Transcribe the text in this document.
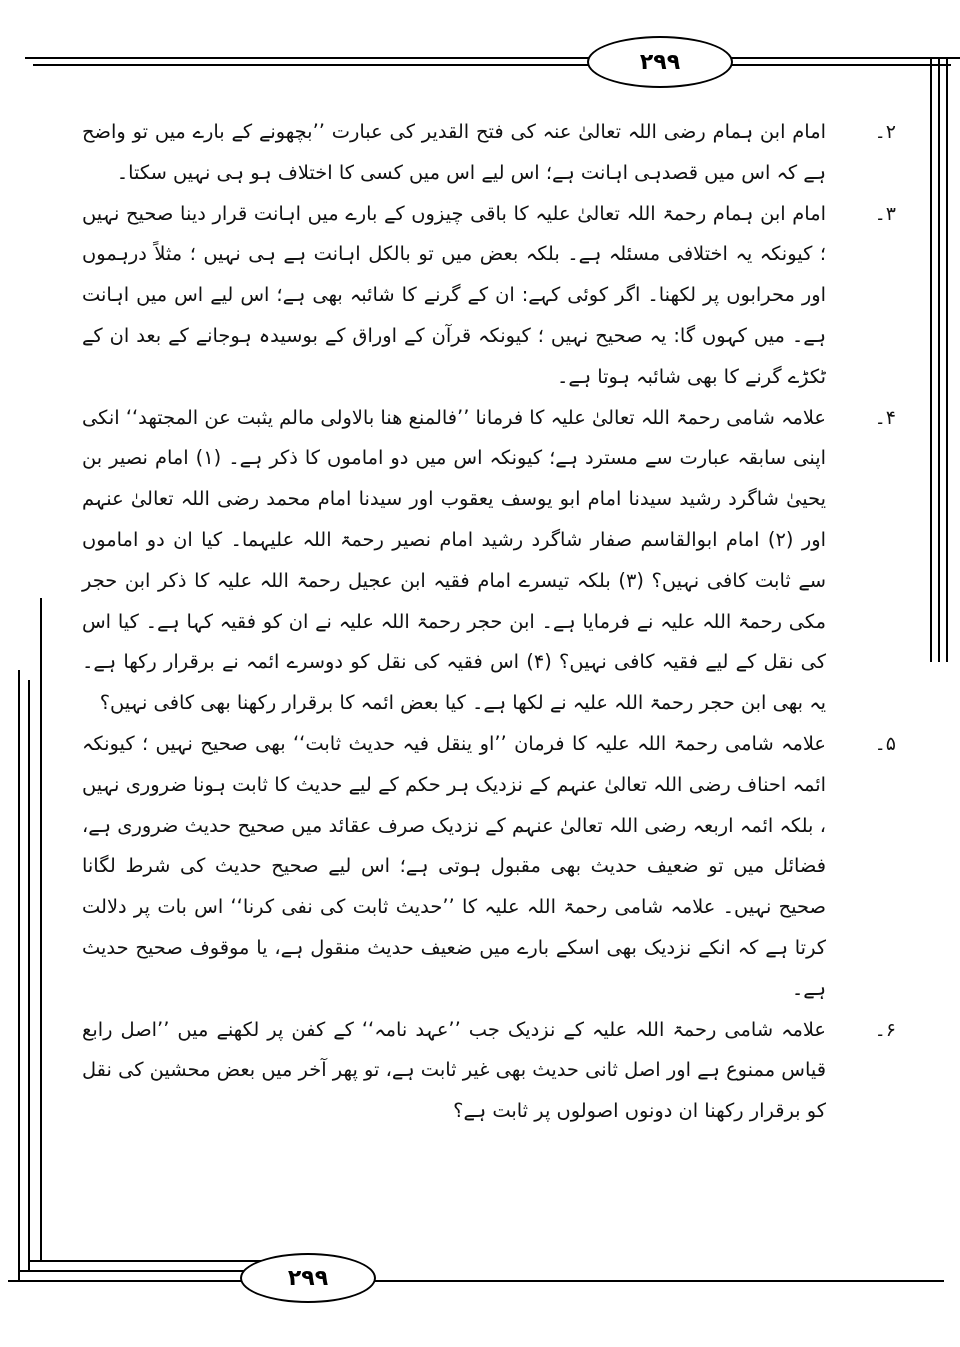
۲۹۹
۲۹۹
۲۔

امام ابن ہمام رضی اللہ تعالیٰ عنہ کی فتح القدیر کی عبارت ’’بچھونے کے بارے میں تو واضح ہے کہ اس میں قصدہی اہانت ہے؛ اس لیے اس میں کسی کا اختلاف ہو ہی نہیں سکتا۔

۳۔

امام ابن ہمام رحمۃ اللہ تعالیٰ علیہ کا باقی چیزوں کے بارے میں اہانت قرار دینا صحیح نہیں ؛ کیونکہ یہ اختلافی مسئلہ ہے۔ بلکہ بعض میں تو بالکل اہانت ہے ہی نہیں ؛ مثلاً درہموں اور محرابوں پر لکھنا۔ اگر کوئی کہے: ان کے گرنے کا شائبہ بھی ہے؛ اس لیے اس میں اہانت ہے۔ میں کہوں گا: یہ صحیح نہیں ؛ کیونکہ قرآن کے اوراق کے بوسیدہ ہوجانے کے بعد ان کے ٹکڑے گرنے کا بھی شائبہ ہوتا ہے۔

۴۔

علامہ شامی رحمۃ اللہ تعالیٰ علیہ کا فرمانا ’’فالمنع ھنا بالاولی مالم یثبت عن المجتھد‘‘ انکی اپنی سابقہ عبارت سے مسترد ہے؛ کیونکہ اس میں دو اماموں کا ذکر ہے۔ (۱) امام نصیر بن یحییٰ شاگرد رشید سیدنا امام ابو یوسف یعقوب اور سیدنا امام محمد رضی اللہ تعالیٰ عنہم اور (۲) امام ابوالقاسم صفار شاگرد رشید امام نصیر رحمۃ اللہ علیہما۔ کیا ان دو اماموں سے ثابت کافی نہیں؟ (۳) بلکہ تیسرے امام فقیہ ابن عجیل رحمۃ اللہ علیہ کا ذکر ابن حجر مکی رحمۃ اللہ علیہ نے فرمایا ہے۔ ابن حجر رحمۃ اللہ علیہ نے ان کو فقیہ کہا ہے۔ کیا اس کی نقل کے لیے فقیہ کافی نہیں؟ (۴) اس فقیہ کی نقل کو دوسرے ائمہ نے برقرار رکھا ہے۔ یہ بھی ابن حجر رحمۃ اللہ علیہ نے لکھا ہے۔ کیا بعض ائمہ کا برقرار رکھنا بھی کافی نہیں؟

۵۔

علامہ شامی رحمۃ اللہ علیہ کا فرمان ’’او ینقل فیہ حدیث ثابت‘‘ بھی صحیح نہیں ؛ کیونکہ ائمہ احناف رضی اللہ تعالیٰ عنہم کے نزدیک ہر حکم کے لیے حدیث کا ثابت ہونا ضروری نہیں ، بلکہ ائمہ اربعہ رضی اللہ تعالیٰ عنہم کے نزدیک صرف عقائد میں صحیح حدیث ضروری ہے، فضائل میں تو ضعیف حدیث بھی مقبول ہوتی ہے؛ اس لیے صحیح حدیث کی شرط لگانا صحیح نہیں۔ علامہ شامی رحمۃ اللہ علیہ کا ’’حدیث ثابت کی نفی کرنا‘‘ اس بات پر دلالت کرتا ہے کہ انکے نزدیک بھی اسکے بارے میں ضعیف حدیث منقول ہے، یا موقوف صحیح حدیث ہے۔

۶۔

علامہ شامی رحمۃ اللہ علیہ کے نزدیک جب ’’عہد نامہ‘‘ کے کفن پر لکھنے میں ’’اصل رابع قیاس ممنوع ہے اور اصل ثانی حدیث بھی غیر ثابت ہے، تو پھر آخر میں بعض محشین کی نقل کو برقرار رکھنا ان دونوں اصولوں پر ثابت ہے؟
